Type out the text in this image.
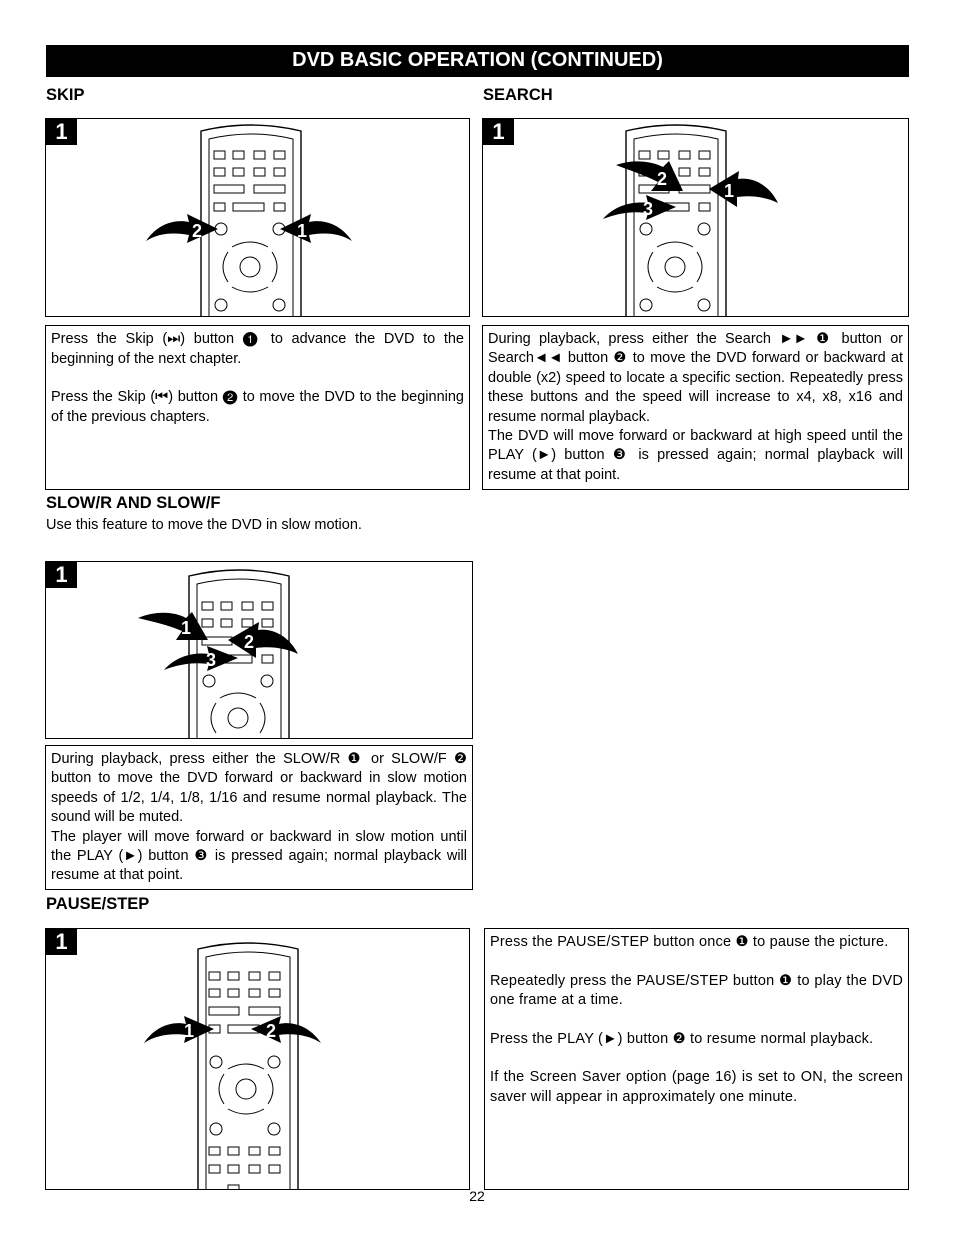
DVD BASIC OPERATION (CONTINUED)
SKIP
2	1
1

Press the Skip (⏭) button ❶ to advance the DVD to the beginning of the next chapter.

Press the Skip (⏮) button ❷ to move the DVD to the beginning of the previous chapters.

SEARCH
2
1
3
1

During playback, press either the Search ►► ❶ button or Search◄◄ button ❷ to move the DVD forward or backward at double (x2) speed to locate a specific section. Repeatedly press these buttons and the speed will increase to x4, x8, x16 and resume normal playback.

The DVD will move forward or backward at high speed until the PLAY (►) button ❸ is pressed again; normal playback will resume at that point.

SLOW/R AND SLOW/F
Use this feature to move the DVD in slow motion.
1
2
3
1

During playback, press either the SLOW/R ❶ or SLOW/F ❷ button to move the DVD forward or backward in slow motion speeds of 1/2, 1/4, 1/8, 1/16 and resume normal playback. The sound will be muted.

The player will move forward or backward in slow motion until the PLAY (►) button ❸ is pressed again; normal playback will resume at that point.

PAUSE/STEP
1	2
1	Press the PAUSE/STEP button once ❶ to pause the picture.

Repeatedly press the PAUSE/STEP button ❶ to play the DVD one frame at a time.

Press the PLAY (►) button ❷ to resume normal playback.

If the Screen Saver option (page 16) is set to ON, the screen saver will appear in approximately one minute.

22
